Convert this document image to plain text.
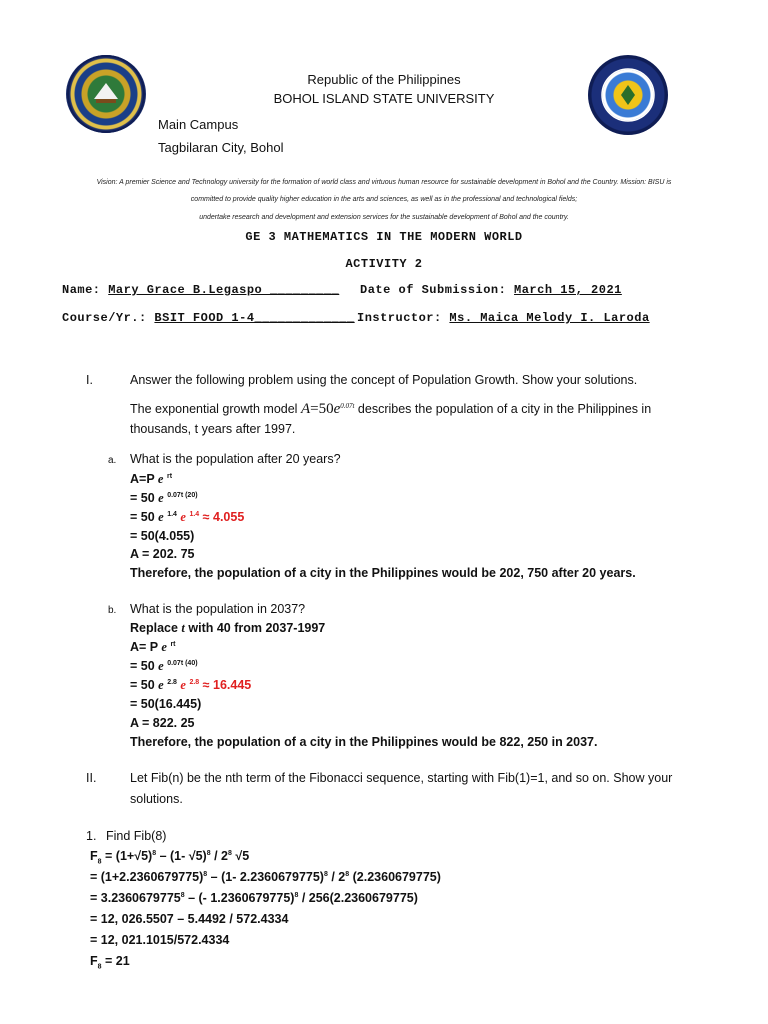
Republic of the Philippines
BOHOL ISLAND STATE UNIVERSITY
Main Campus
Tagbilaran City, Bohol
Vision: A premier Science and Technology university for the formation of world class and virtuous human resource for sustainable development in Bohol and the Country. Mission: BISU is
committed to provide quality higher education in the arts and sciences, as well as in the professional and technological fields;
undertake research and development and extension services for the sustainable development of Bohol and the country.
GE 3 MATHEMATICS IN THE MODERN WORLD
ACTIVITY 2
Name: Mary Grace B.Legaspo _________ Date of Submission: March 15, 2021
Course/Yr.: BSIT FOOD 1-4_____________ Instructor: Ms. Maica Melody I. Laroda
I.	Answer the following problem using the concept of Population Growth. Show your solutions.
The exponential growth model $A=50e^{0.07t}$ describes the population of a city in the Philippines in
thousands, t years after 1997.
a. What is the population after 20 years?
A=P e $^{rt}$
= 50 e $^{0.07t (20)}$
= 50 e $^{1.4}$ e $^{1.4}$ ≈ 4.055
= 50(4.055)
A = 202. 75
Therefore, the population of a city in the Philippines would be 202, 750 after 20 years.
b. What is the population in 2037?
Replace t with 40 from 2037-1997
A= P e $^{rt}$
= 50 e $^{0.07t (40)}$
= 50 e $^{2.8}$ e $^{2.8}$ ≈ 16.445
= 50(16.445)
A = 822. 25
Therefore, the population of a city in the Philippines would be 822, 250 in 2037.
II.	Let Fib(n) be the nth term of the Fibonacci sequence, starting with Fib(1)=1, and so on. Show your
solutions.
1. Find Fib(8)
$F_8 = (1+√5)^8 - (1-$ $√5)^8 / 2^8$ √5
= $(1+2.2360679775)^8 - (1-$ $2.2360679775)^8 / 2^8$ (2.2360679775)
= $3.2360679775^8$ – (- 1.2360679775)$^8$ / 256(2.2360679775)
= 12, 026.5507 – 5.4492 / 572.4334
= 12, 021.1015/572.4334
$F_8 = 21$
